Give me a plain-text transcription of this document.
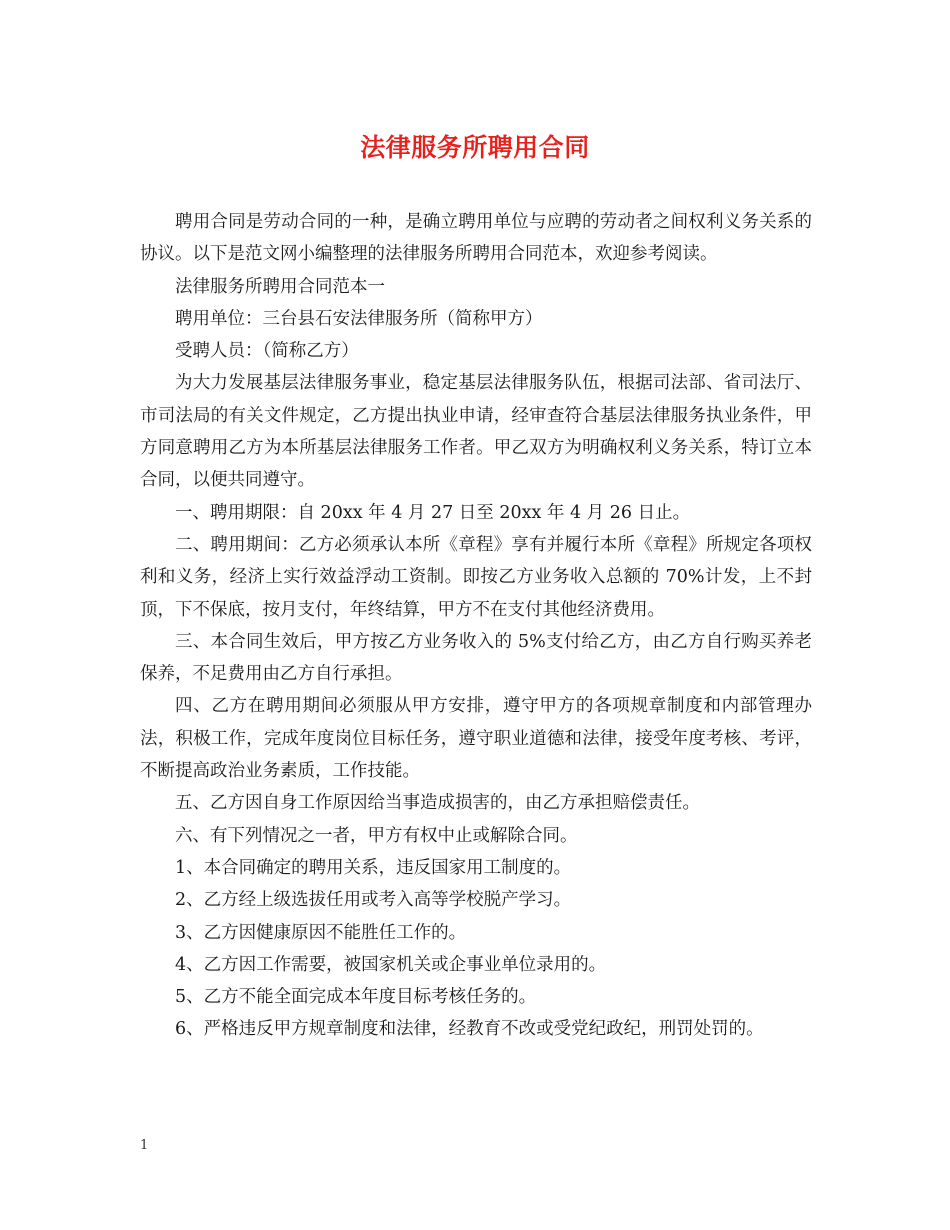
法律服务所聘用合同

聘用合同是劳动合同的一种，是确立聘用单位与应聘的劳动者之间权利义务关系的协议。以下是范文网小编整理的法律服务所聘用合同范本，欢迎参考阅读。

法律服务所聘用合同范本一

聘用单位：三台县石安法律服务所（简称甲方）

受聘人员：（简称乙方）

为大力发展基层法律服务事业，稳定基层法律服务队伍，根据司法部、省司法厅、市司法局的有关文件规定，乙方提出执业申请，经审查符合基层法律服务执业条件，甲方同意聘用乙方为本所基层法律服务工作者。甲乙双方为明确权利义务关系，特订立本合同，以便共同遵守。

一、聘用期限：自 20xx 年 4 月 27 日至 20xx 年 4 月 26 日止。

二、聘用期间：乙方必须承认本所《章程》享有并履行本所《章程》所规定各项权利和义务，经济上实行效益浮动工资制。即按乙方业务收入总额的 70%计发，上不封顶，下不保底，按月支付，年终结算，甲方不在支付其他经济费用。

三、本合同生效后，甲方按乙方业务收入的 5%支付给乙方，由乙方自行购买养老保养，不足费用由乙方自行承担。

四、乙方在聘用期间必须服从甲方安排，遵守甲方的各项规章制度和内部管理办法，积极工作，完成年度岗位目标任务，遵守职业道德和法律，接受年度考核、考评，不断提高政治业务素质，工作技能。

五、乙方因自身工作原因给当事造成损害的，由乙方承担赔偿责任。

六、有下列情况之一者，甲方有权中止或解除合同。

1、本合同确定的聘用关系，违反国家用工制度的。

2、乙方经上级选拔任用或考入高等学校脱产学习。

3、乙方因健康原因不能胜任工作的。

4、乙方因工作需要，被国家机关或企事业单位录用的。

5、乙方不能全面完成本年度目标考核任务的。

6、严格违反甲方规章制度和法律，经教育不改或受党纪政纪，刑罚处罚的。

1
